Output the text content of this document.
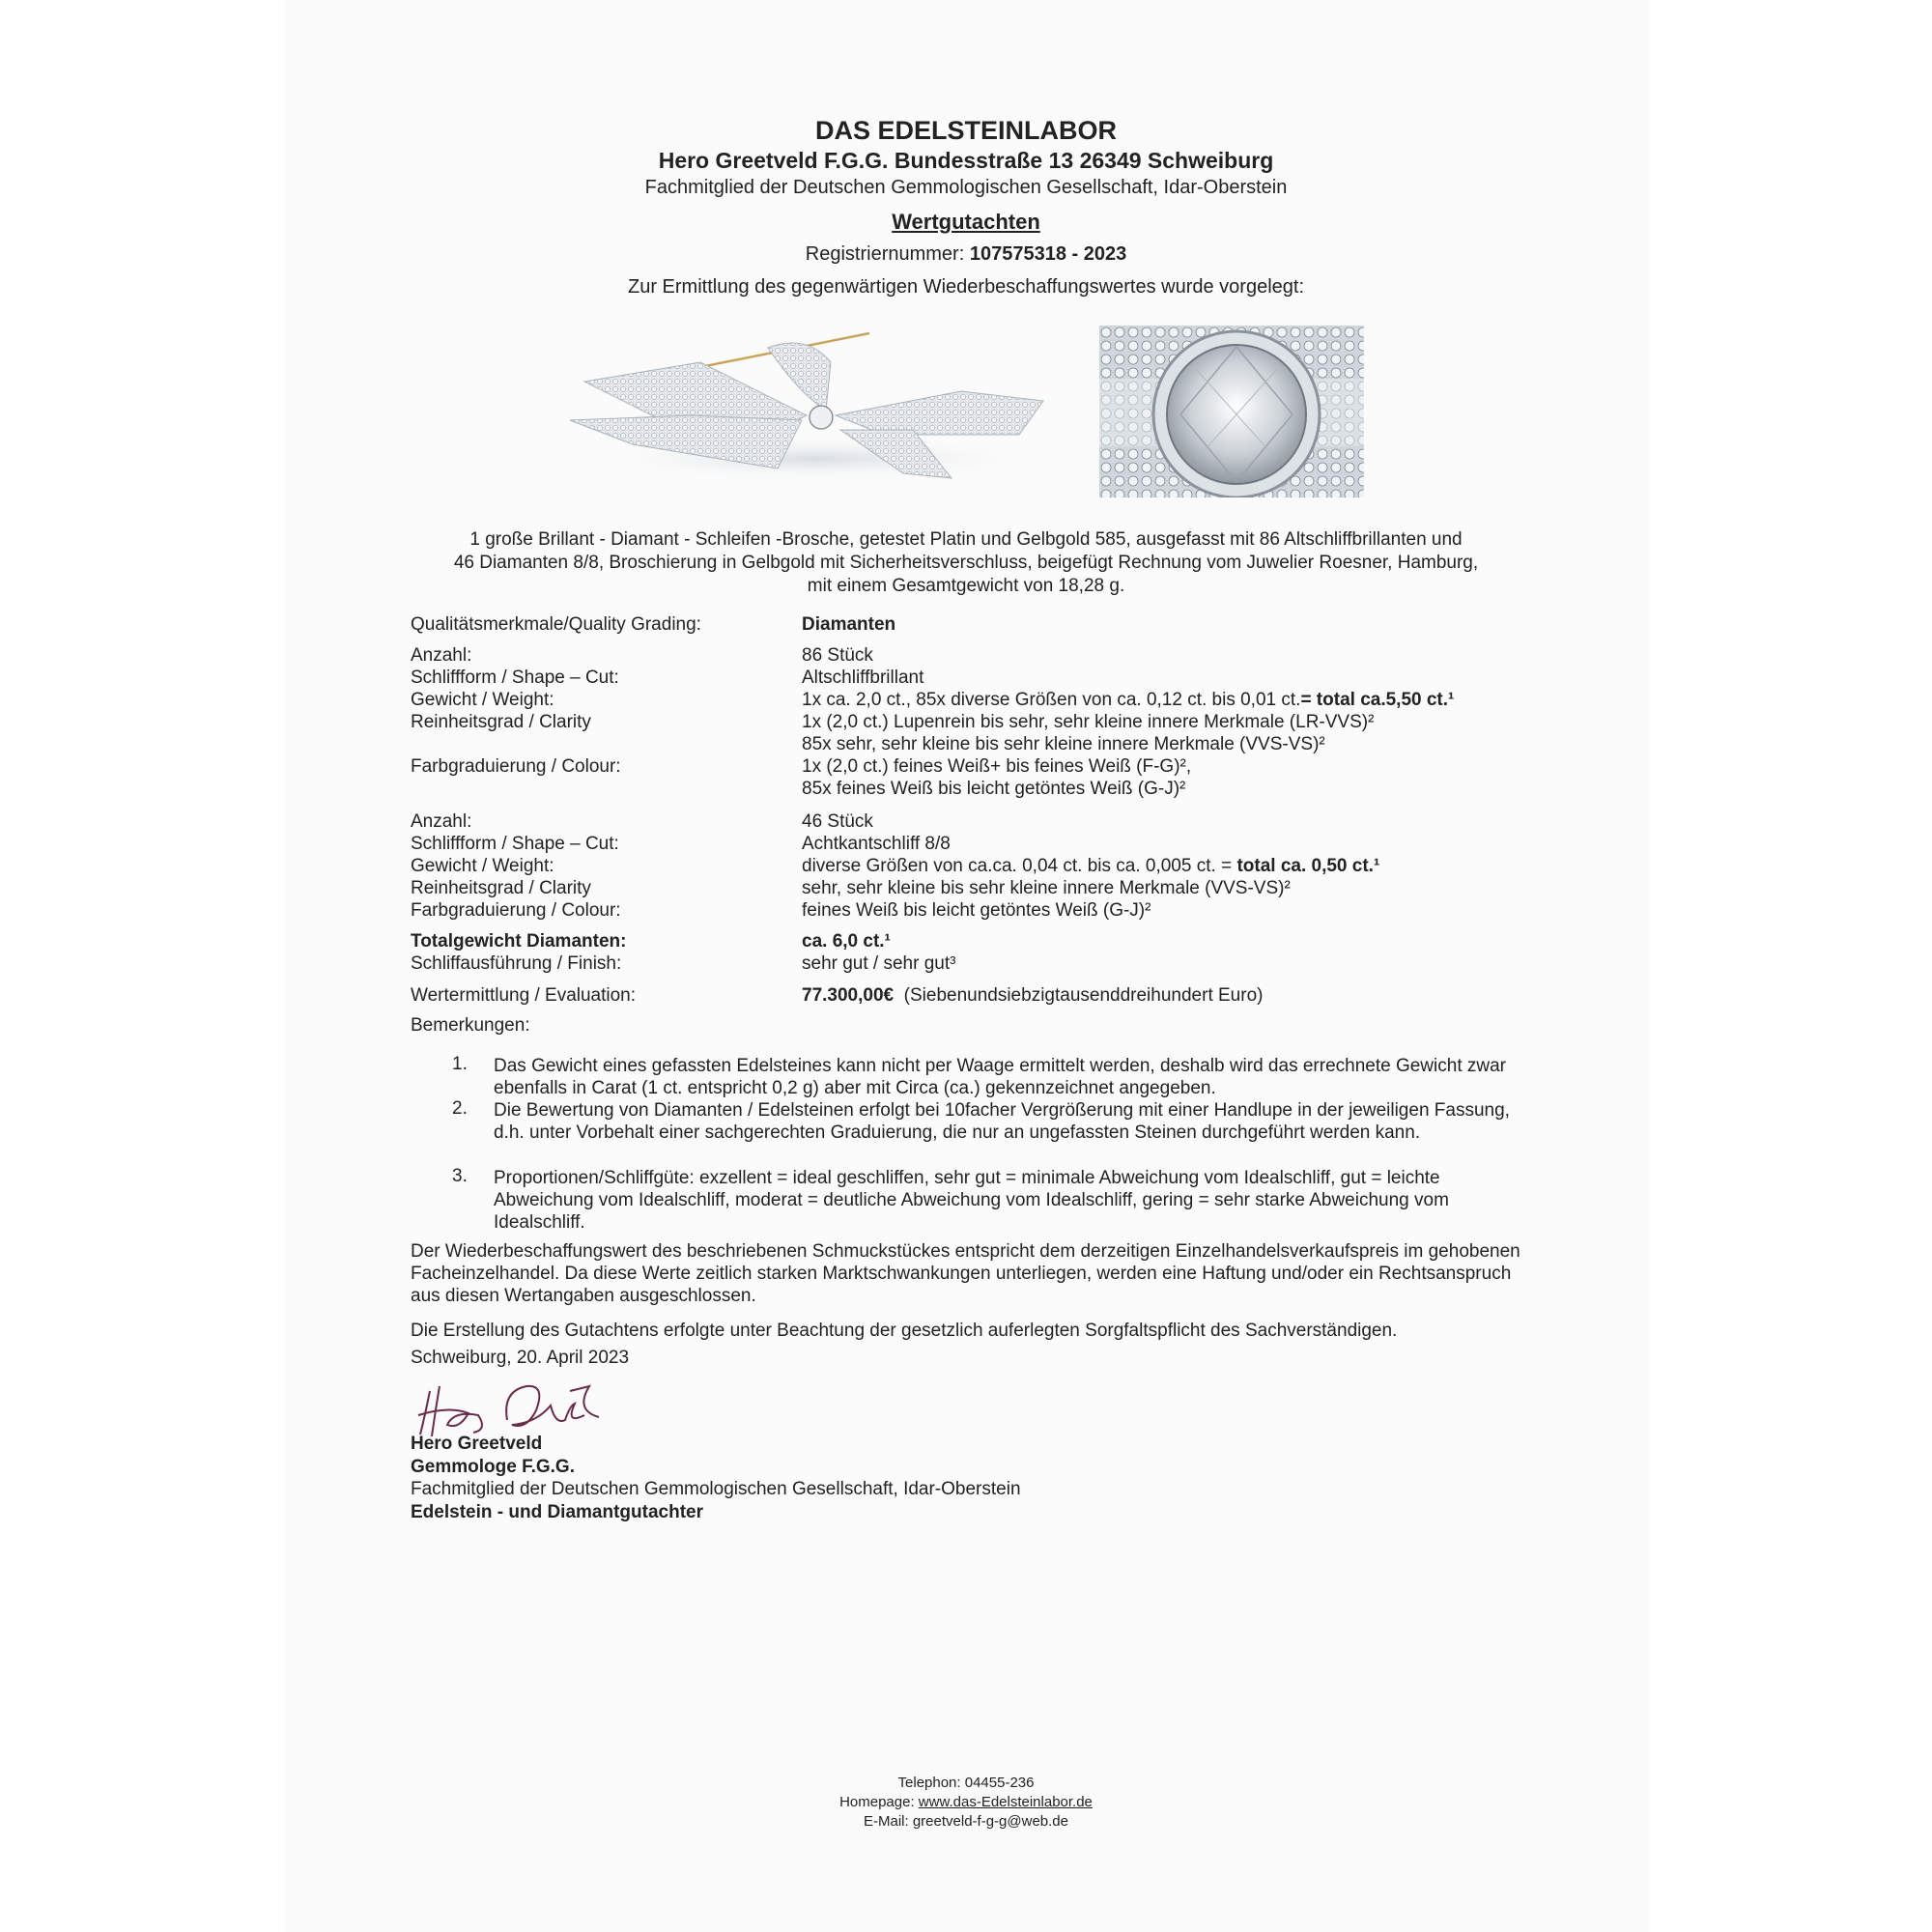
DAS EDELSTEINLABOR
Hero Greetveld F.G.G. Bundesstraße 13 26349 Schweiburg
Fachmitglied der Deutschen Gemmologischen Gesellschaft, Idar-Oberstein
Wertgutachten
Registriernummer: 107575318 - 2023
Zur Ermittlung des gegenwärtigen Wiederbeschaffungswertes wurde vorgelegt:
1 große Brillant - Diamant - Schleifen -Brosche, getestet Platin und Gelbgold 585, ausgefasst mit 86 Altschliffbrillanten und
46 Diamanten 8/8, Broschierung in Gelbgold mit Sicherheitsverschluss, beigefügt Rechnung vom Juwelier Roesner, Hamburg,
mit einem Gesamtgewicht von 18,28 g.
Qualitätsmerkmale/Quality Grading:	Diamanten
Anzahl:	86 Stück
Schliffform / Shape – Cut:	Altschliffbrillant
Gewicht / Weight:	1x ca. 2,0 ct., 85x diverse Größen von ca. 0,12 ct. bis 0,01 ct.= total ca.5,50 ct.¹
Reinheitsgrad / Clarity	1x (2,0 ct.) Lupenrein bis sehr, sehr kleine innere Merkmale (LR-VVS)²
85x sehr, sehr kleine bis sehr kleine innere Merkmale (VVS-VS)²
Farbgraduierung / Colour:	1x (2,0 ct.) feines Weiß+ bis feines Weiß (F-G)²,
85x feines Weiß bis leicht getöntes Weiß (G-J)²
Anzahl:	46 Stück
Schliffform / Shape – Cut:	Achtkantschliff 8/8
Gewicht / Weight:	diverse Größen von ca.ca. 0,04 ct. bis ca. 0,005 ct. = total ca. 0,50 ct.¹
Reinheitsgrad / Clarity	sehr, sehr kleine bis sehr kleine innere Merkmale (VVS-VS)²
Farbgraduierung / Colour:	feines Weiß bis leicht getöntes Weiß (G-J)²
Totalgewicht Diamanten:	ca. 6,0 ct.¹
Schliffausführung / Finish:	sehr gut / sehr gut³
Wertermittlung / Evaluation:	77.300,00€  (Siebenundsiebzigtausenddreihundert Euro)
Bemerkungen:
1. Das Gewicht eines gefassten Edelsteines kann nicht per Waage ermittelt werden, deshalb wird das errechnete Gewicht zwar ebenfalls in Carat (1 ct. entspricht 0,2 g) aber mit Circa (ca.) gekennzeichnet angegeben.
2. Die Bewertung von Diamanten / Edelsteinen erfolgt bei 10facher Vergrößerung mit einer Handlupe in der jeweiligen Fassung, d.h. unter Vorbehalt einer sachgerechten Graduierung, die nur an ungefassten Steinen durchgeführt werden kann.
3. Proportionen/Schliffgüte: exzellent = ideal geschliffen, sehr gut = minimale Abweichung vom Idealschliff, gut = leichte Abweichung vom Idealschliff, moderat = deutliche Abweichung vom Idealschliff, gering = sehr starke Abweichung vom Idealschliff.
Der Wiederbeschaffungswert des beschriebenen Schmuckstückes entspricht dem derzeitigen Einzelhandelsverkaufspreis im gehobenen Facheinzelhandel. Da diese Werte zeitlich starken Marktschwankungen unterliegen, werden eine Haftung und/oder ein Rechtsanspruch aus diesen Wertangaben ausgeschlossen.
Die Erstellung des Gutachtens erfolgte unter Beachtung der gesetzlich auferlegten Sorgfaltspflicht des Sachverständigen.
Schweiburg, 20. April 2023
Hero Greetveld
Gemmologe F.G.G.
Fachmitglied der Deutschen Gemmologischen Gesellschaft, Idar-Oberstein
Edelstein - und Diamantgutachter
Telephon: 04455-236
Homepage: www.das-Edelsteinlabor.de
E-Mail: greetveld-f-g-g@web.de
